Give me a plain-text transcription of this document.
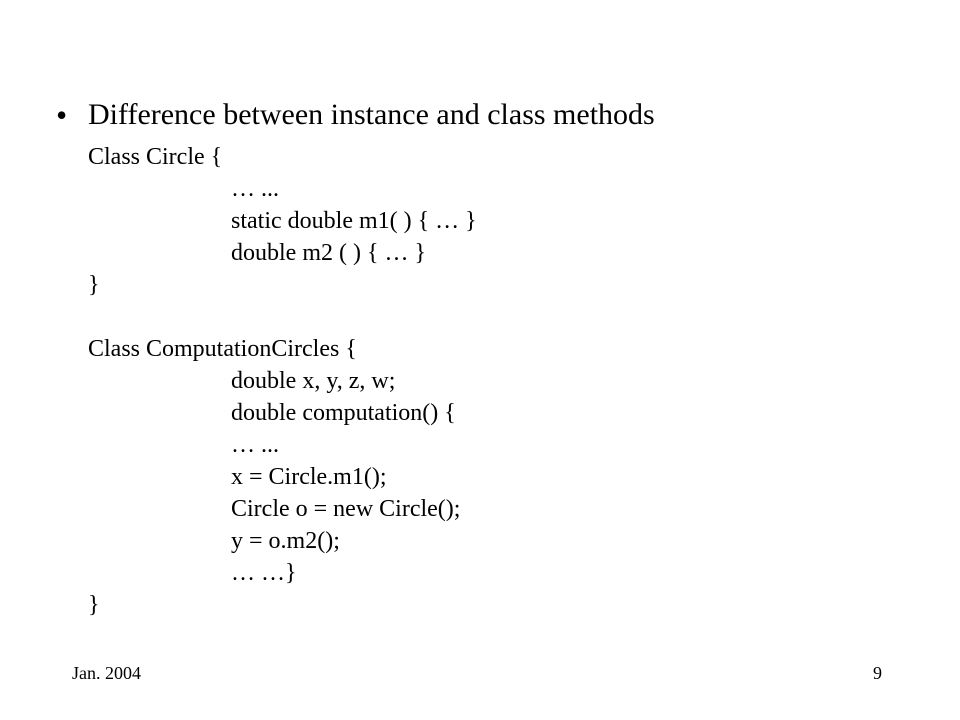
• Difference between instance and class methods
Class Circle {
… ...
static double m1( ) { … }
double m2 ( ) { … }
}
Class ComputationCircles {
double x, y, z, w;
double computation() {
… ...
x = Circle.m1();
Circle o = new Circle();
y = o.m2();
… …}
}
Jan. 2004	9
